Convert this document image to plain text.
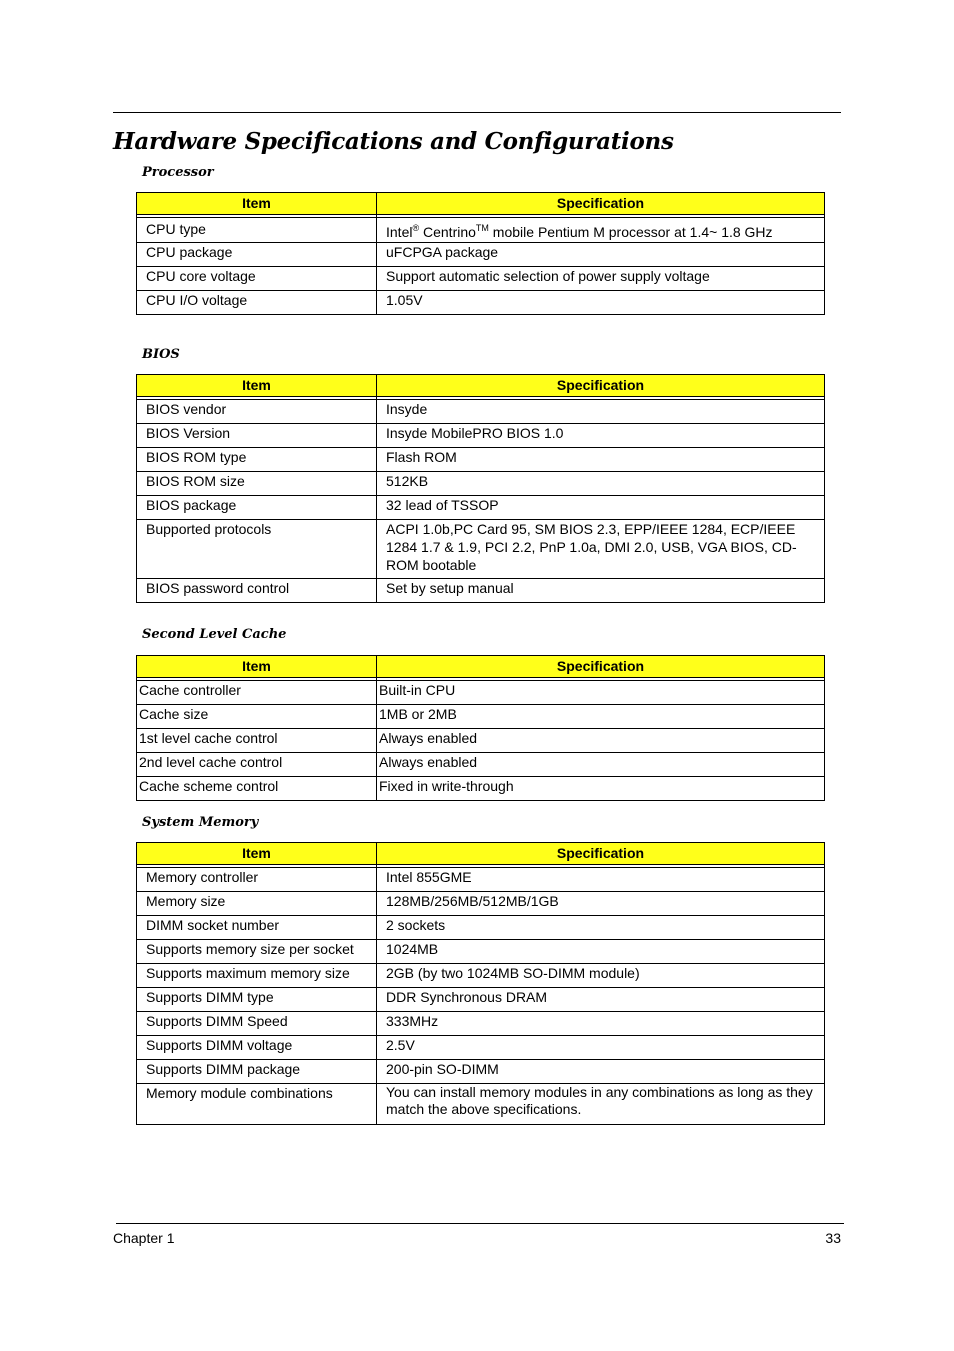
Hardware Specifications and Configurations
Processor
Item	Specification

CPU type	Intel® Centrino™ mobile Pentium M processor at 1.4~ 1.8 GHz

CPU package	uFCPGA package

CPU core voltage	Support automatic selection of power supply voltage

CPU I/O voltage	1.05V
BIOS
Item	Specification

BIOS vendor	Insyde

BIOS Version	Insyde MobilePRO BIOS 1.0

BIOS ROM type	Flash ROM

BIOS ROM size	512KB

BIOS package	32 lead of TSSOP

Bupported protocols	ACPI 1.0b,PC Card 95, SM BIOS 2.3, EPP/IEEE 1284, ECP/IEEE 1284 1.7 & 1.9, PCI 2.2, PnP 1.0a, DMI 2.0, USB, VGA BIOS, CD-ROM bootable

BIOS password control	Set by setup manual
Second Level Cache
Item	Specification

Cache controller	Built-in CPU

Cache size	1MB or 2MB

1st level cache control	Always enabled

2nd level cache control	Always enabled

Cache scheme control	Fixed in write-through
System Memory
Item	Specification

Memory controller	Intel 855GME

Memory size	128MB/256MB/512MB/1GB

DIMM socket number	2 sockets

Supports memory size per socket	1024MB

Supports maximum memory size	2GB (by two 1024MB SO-DIMM module)

Supports DIMM type	DDR Synchronous DRAM

Supports DIMM Speed	333MHz

Supports DIMM voltage	2.5V

Supports DIMM package	200-pin SO-DIMM

Memory module combinations	You can install memory modules in any combinations as long as they match the above specifications.
Chapter 1	33
